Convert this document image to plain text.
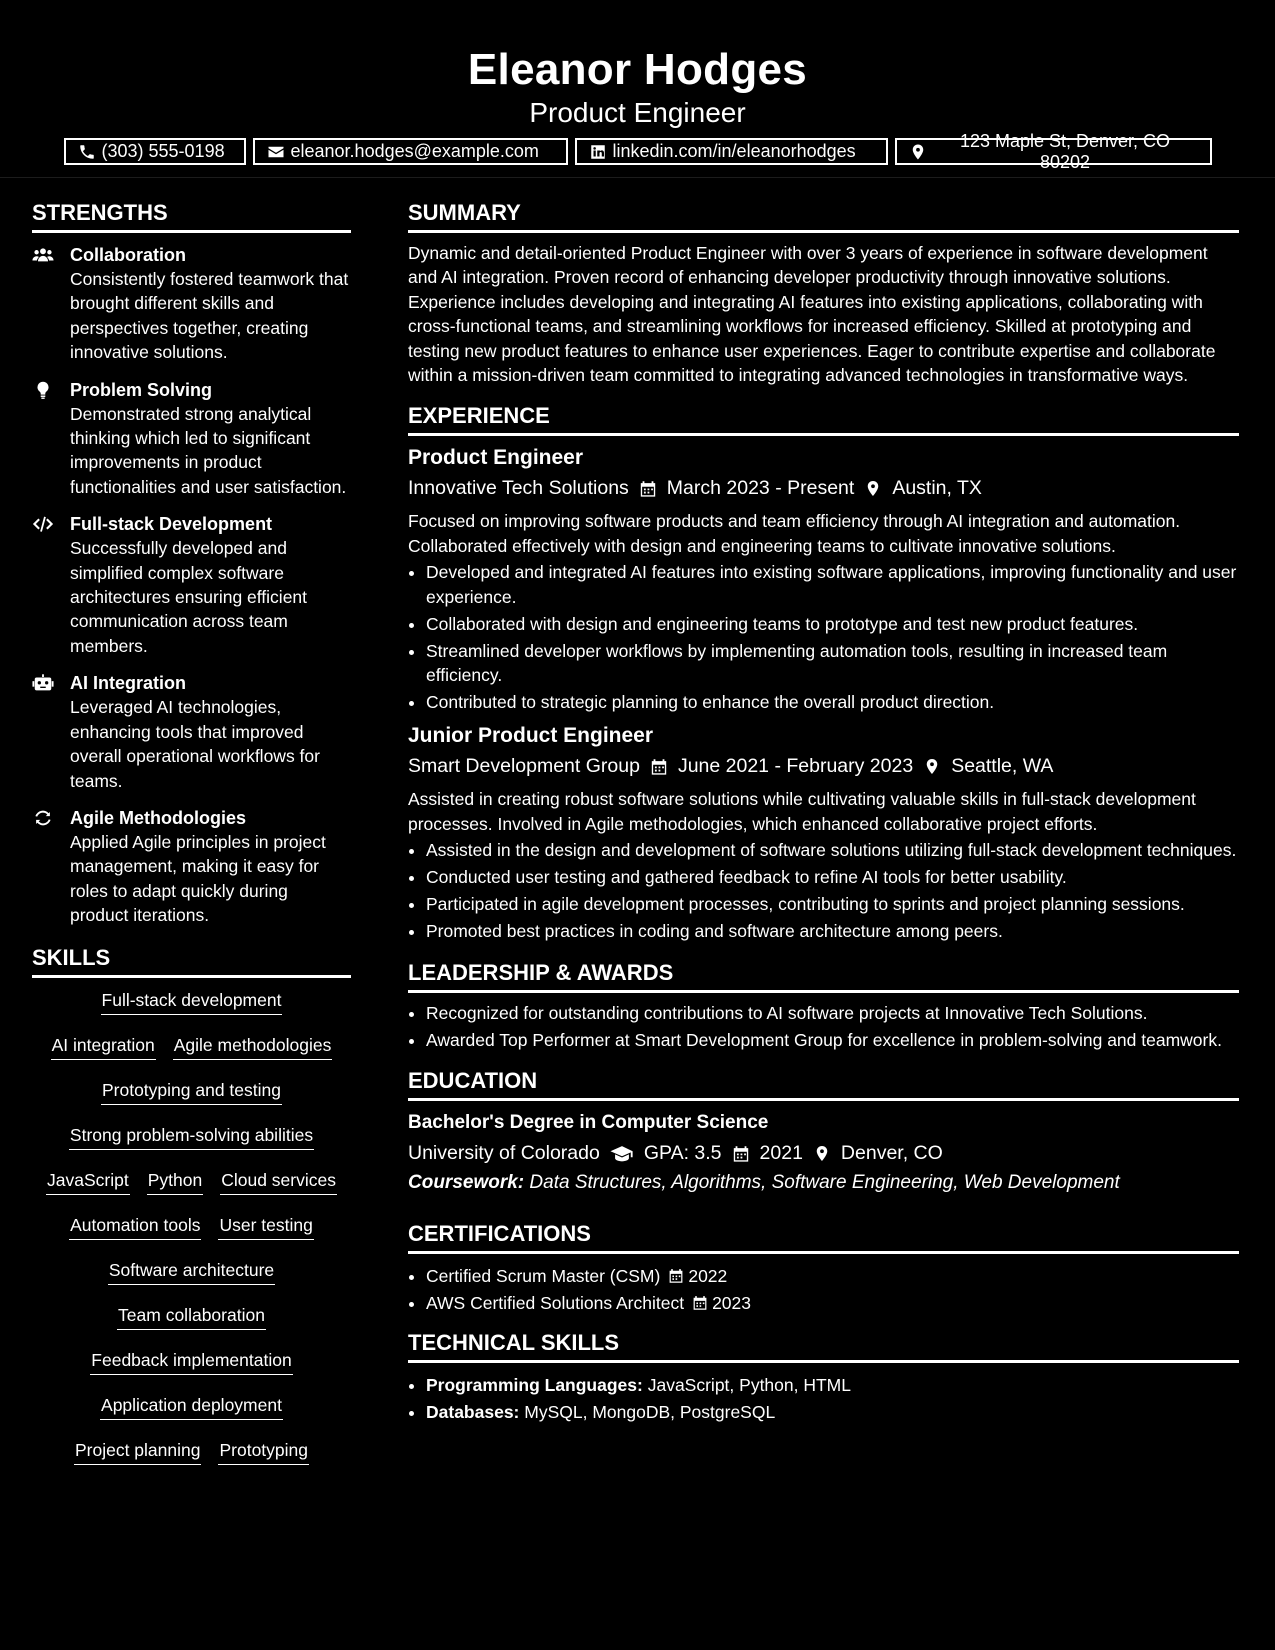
Eleanor Hodges
Product Engineer
(303) 555-0198	eleanor.hodges@example.com	linkedin.com/in/eleanorhodges
123 Maple St, Denver, CO 80202
STRENGTHS
Collaboration
Consistently fostered teamwork that brought different skills and perspectives together, creating innovative solutions.
Problem Solving
Demonstrated strong analytical thinking which led to significant improvements in product functionalities and user satisfaction.
Full-stack Development
Successfully developed and simplified complex software architectures ensuring efficient communication across team members.
AI Integration
Leveraged AI technologies, enhancing tools that improved overall operational workflows for teams.
Agile Methodologies
Applied Agile principles in project management, making it easy for roles to adapt quickly during product iterations.
SKILLS
Full-stack development
AI integration Agile methodologies
Prototyping and testing
Strong problem-solving abilities
JavaScript Python Cloud services
Automation tools User testing
Software architecture
Team collaboration
Feedback implementation
Application deployment
Project planning Prototyping
SUMMARY
Dynamic and detail-oriented Product Engineer with over 3 years of experience in software development and AI integration. Proven record of enhancing developer productivity through innovative solutions. Experience includes developing and integrating AI features into existing applications, collaborating with cross-functional teams, and streamlining workflows for increased efficiency. Skilled at prototyping and testing new product features to enhance user experiences. Eager to contribute expertise and collaborate within a mission-driven team committed to integrating advanced technologies in transformative ways.
EXPERIENCE
Product Engineer
Innovative Tech Solutions March 2023 - Present Austin, TX
Focused on improving software products and team efficiency through AI integration and automation. Collaborated effectively with design and engineering teams to cultivate innovative solutions.
• Developed and integrated AI features into existing software applications, improving functionality and user experience.
• Collaborated with design and engineering teams to prototype and test new product features.
• Streamlined developer workflows by implementing automation tools, resulting in increased team efficiency.
• Contributed to strategic planning to enhance the overall product direction.
Junior Product Engineer
Smart Development Group June 2021 - February 2023 Seattle, WA
Assisted in creating robust software solutions while cultivating valuable skills in full-stack development processes. Involved in Agile methodologies, which enhanced collaborative project efforts.
• Assisted in the design and development of software solutions utilizing full-stack development techniques.
• Conducted user testing and gathered feedback to refine AI tools for better usability.
• Participated in agile development processes, contributing to sprints and project planning sessions.
• Promoted best practices in coding and software architecture among peers.
LEADERSHIP & AWARDS
• Recognized for outstanding contributions to AI software projects at Innovative Tech Solutions.
• Awarded Top Performer at Smart Development Group for excellence in problem-solving and teamwork.
EDUCATION
Bachelor's Degree in Computer Science
University of Colorado GPA: 3.5 2021 Denver, CO
Coursework: Data Structures, Algorithms, Software Engineering, Web Development
CERTIFICATIONS
• Certified Scrum Master (CSM) 2022
• AWS Certified Solutions Architect 2023
TECHNICAL SKILLS
• Programming Languages: JavaScript, Python, HTML
• Databases: MySQL, MongoDB, PostgreSQL
